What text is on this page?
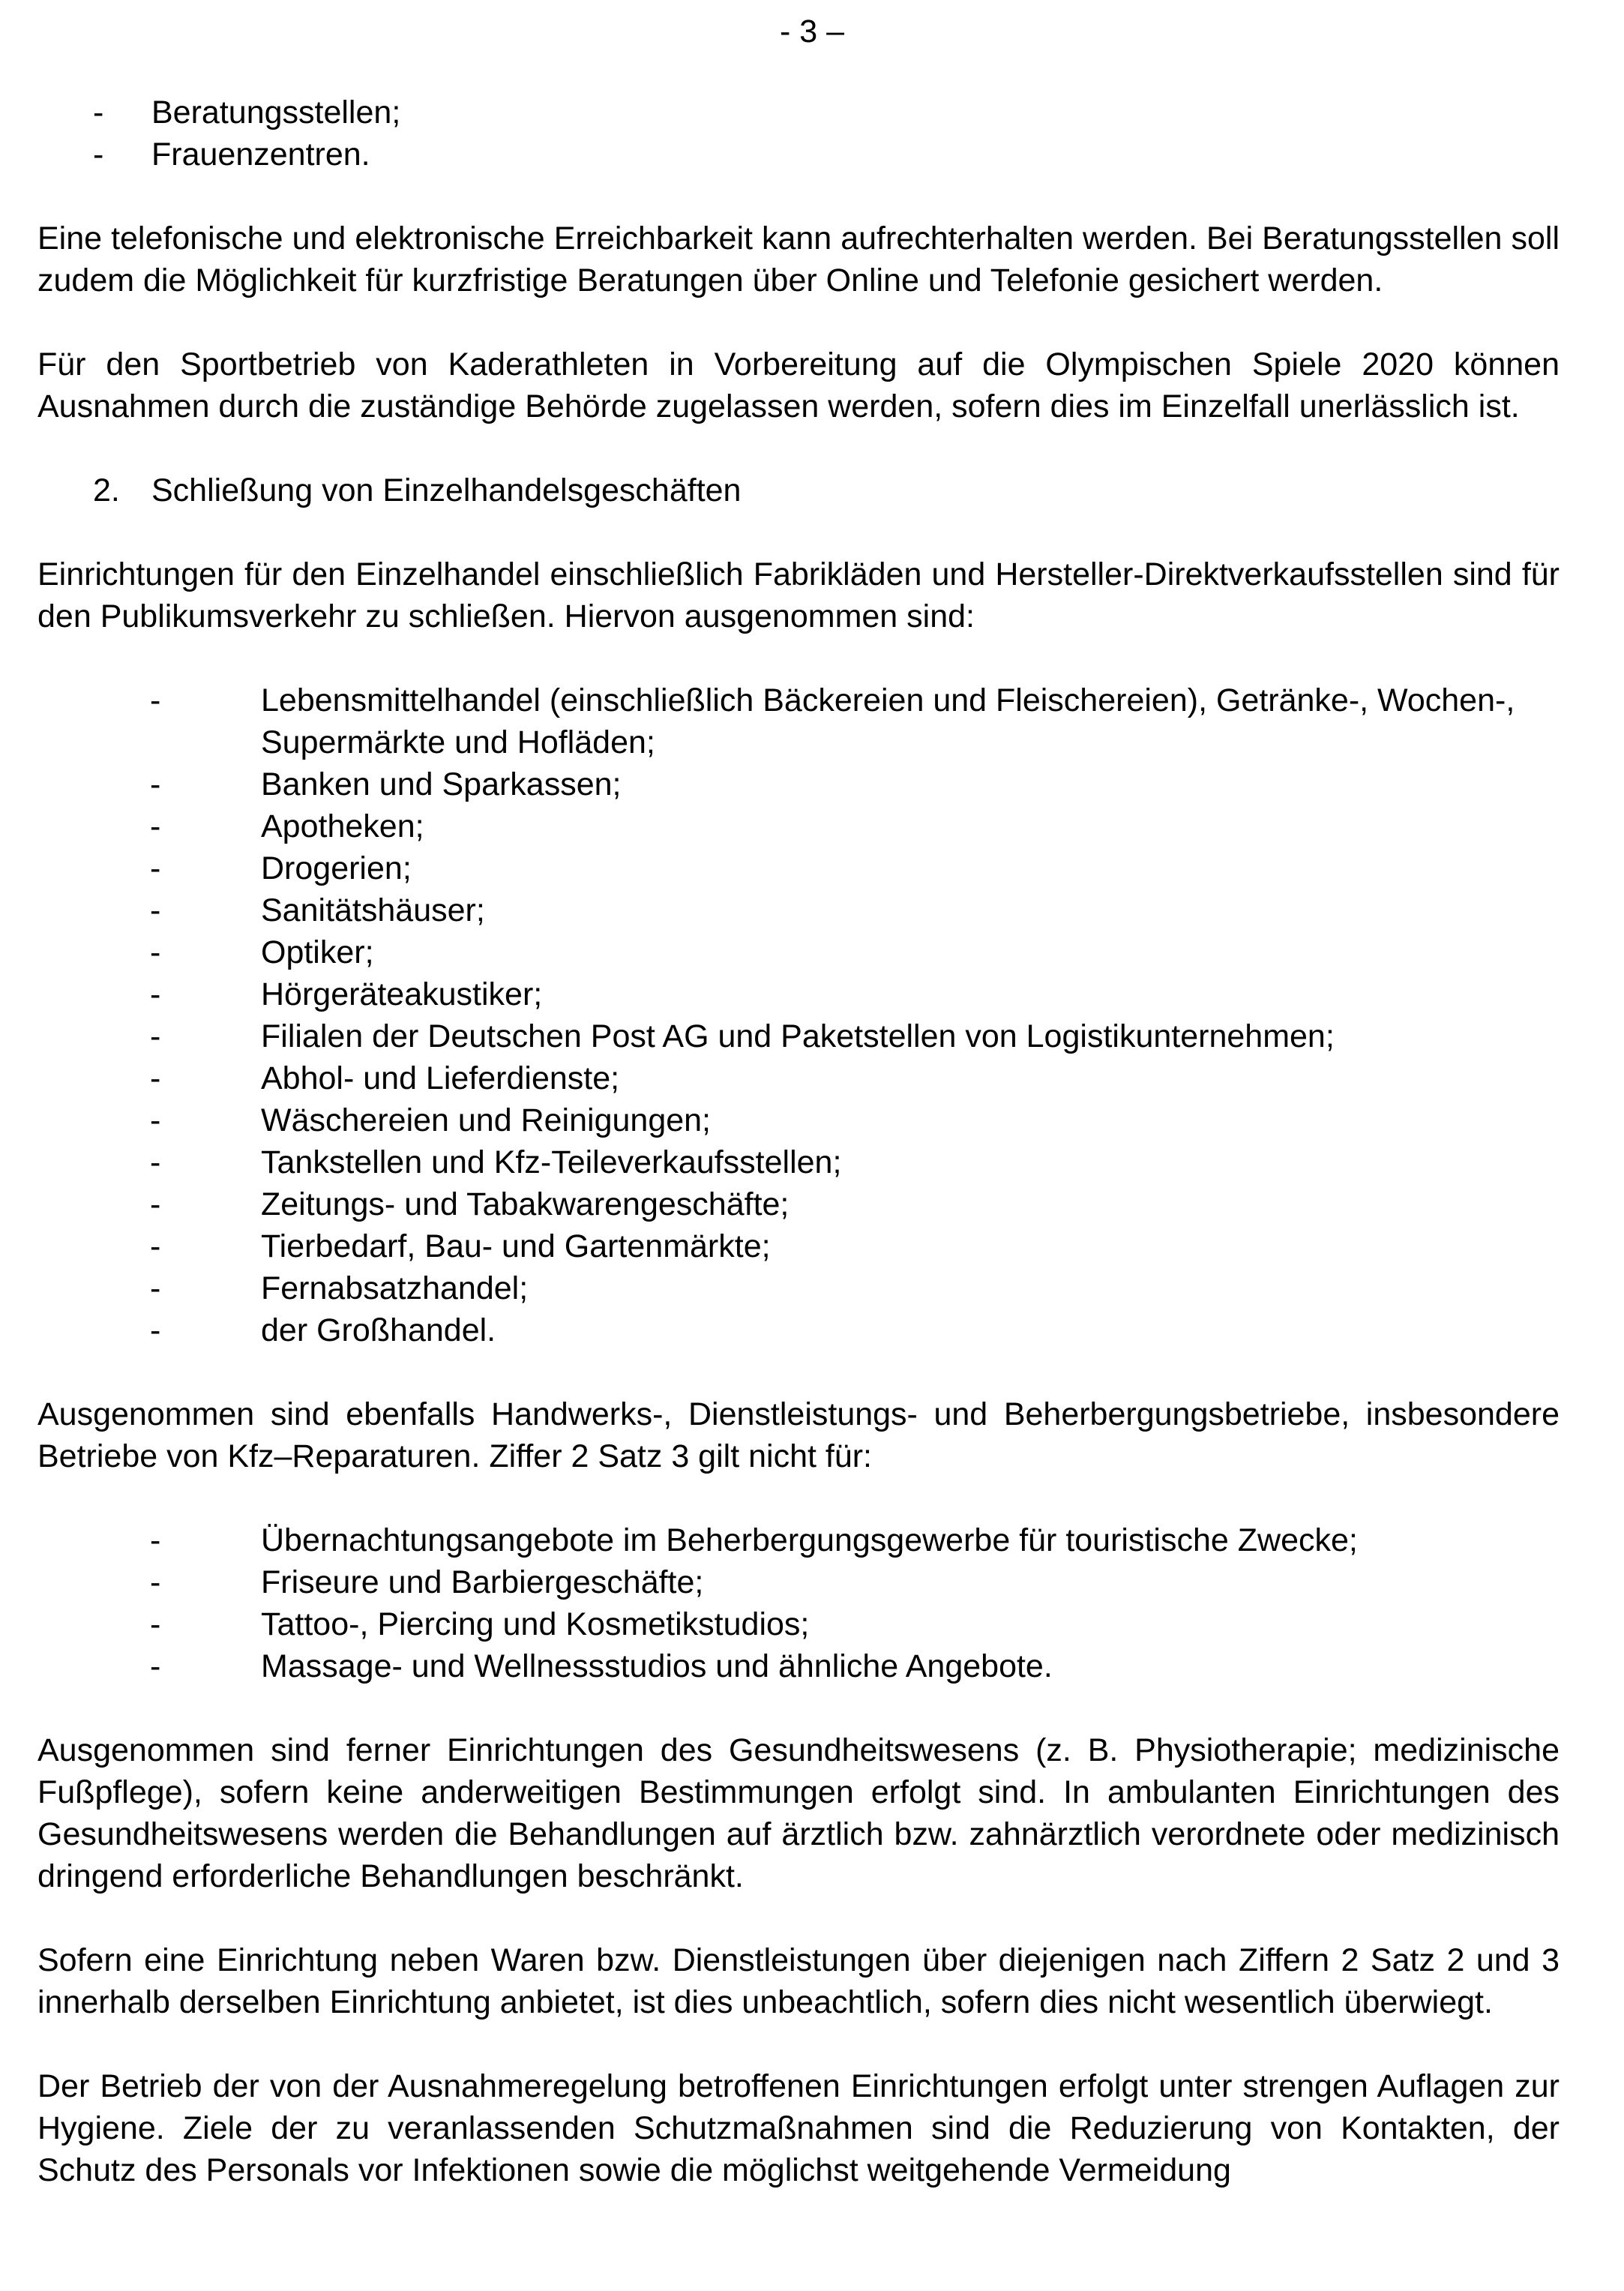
- 3 –
- Beratungsstellen;
- Frauenzentren.

Eine telefonische und elektronische Erreichbarkeit kann aufrechterhalten werden. Bei Beratungsstellen soll zudem die Möglichkeit für kurzfristige Beratungen über Online und Telefonie gesichert werden.

Für den Sportbetrieb von Kaderathleten in Vorbereitung auf die Olympischen Spiele 2020 können Ausnahmen durch die zuständige Behörde zugelassen werden, sofern dies im Einzelfall unerlässlich ist.

2. Schließung von Einzelhandelsgeschäften

Einrichtungen für den Einzelhandel einschließlich Fabrikläden und Hersteller-Direktverkaufsstellen sind für den Publikumsverkehr zu schließen. Hiervon ausgenommen sind:

-	Lebensmittelhandel (einschließlich Bäckereien und Fleischereien), Getränke-, Wochen-, Supermärkte und Hofläden;
-	Banken und Sparkassen;
-	Apotheken;
-	Drogerien;
-	Sanitätshäuser;
-	Optiker;
-	Hörgeräteakustiker;
-	Filialen der Deutschen Post AG und Paketstellen von Logistikunternehmen;
-	Abhol- und Lieferdienste;
-	Wäschereien und Reinigungen;
-	Tankstellen und Kfz-Teileverkaufsstellen;
-	Zeitungs- und Tabakwarengeschäfte;
-	Tierbedarf, Bau- und Gartenmärkte;
-	Fernabsatzhandel;
-	der Großhandel.

Ausgenommen sind ebenfalls Handwerks-, Dienstleistungs- und Beherbergungsbetriebe, insbesondere Betriebe von Kfz–Reparaturen. Ziffer 2 Satz 3 gilt nicht für:

-	Übernachtungsangebote im Beherbergungsgewerbe für touristische Zwecke;
-	Friseure und Barbiergeschäfte;
-	Tattoo-, Piercing und Kosmetikstudios;
-	Massage- und Wellnessstudios und ähnliche Angebote.

Ausgenommen sind ferner Einrichtungen des Gesundheitswesens (z. B. Physiotherapie; medizinische Fußpflege), sofern keine anderweitigen Bestimmungen erfolgt sind. In ambulanten Einrichtungen des Gesundheitswesens werden die Behandlungen auf ärztlich bzw. zahnärztlich verordnete oder medizinisch dringend erforderliche Behandlungen beschränkt.

Sofern eine Einrichtung neben Waren bzw. Dienstleistungen über diejenigen nach Ziffern 2 Satz 2 und 3 innerhalb derselben Einrichtung anbietet, ist dies unbeachtlich, sofern dies nicht wesentlich überwiegt.

Der Betrieb der von der Ausnahmeregelung betroffenen Einrichtungen erfolgt unter strengen Auflagen zur Hygiene. Ziele der zu veranlassenden Schutzmaßnahmen sind die Reduzierung von Kontakten, der Schutz des Personals vor Infektionen sowie die möglichst weitgehende Vermeidung
